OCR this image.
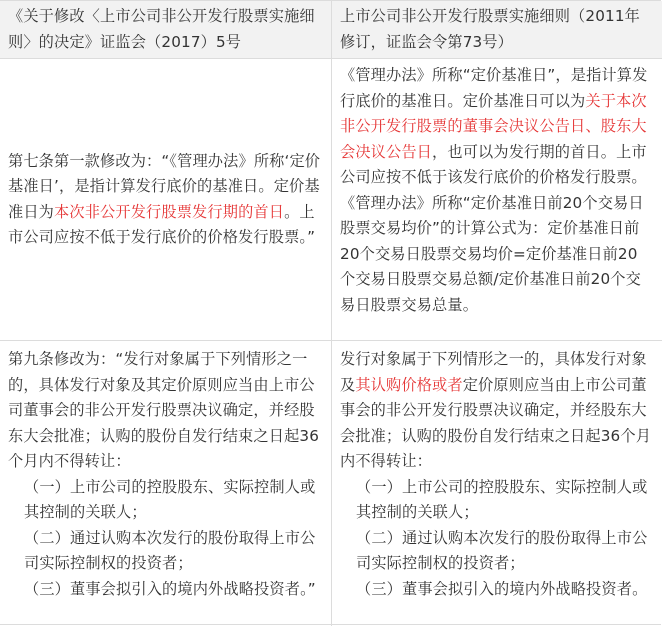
《关于修改〈上市公司非公开发行股票实施细则〉的决定》证监会（2017）5号

上市公司非公开发行股票实施细则（2011年修订，证监会令第73号）

第七条第一款修改为：“《管理办法》所称‘定价基准日’，是指计算发行底价的基准日。定价基准日为本次非公开发行股票发行期的首日。上市公司应按不低于发行底价的价格发行股票。”

《管理办法》所称“定价基准日”，是指计算发行底价的基准日。定价基准日可以为关于本次非公开发行股票的董事会决议公告日、股东大会决议公告日，也可以为发行期的首日。上市公司应按不低于该发行底价的价格发行股票。

《管理办法》所称“定价基准日前20个交易日股票交易均价”的计算公式为：定价基准日前20个交易日股票交易均价=定价基准日前20个交易日股票交易总额/定价基准日前20个交易日股票交易总量。

第九条修改为：“发行对象属于下列情形之一的，具体发行对象及其定价原则应当由上市公司董事会的非公开发行股票决议确定，并经股东大会批准；认购的股份自发行结束之日起36个月内不得转让：

（一）上市公司的控股股东、实际控制人或其控制的关联人；

（二）通过认购本次发行的股份取得上市公司实际控制权的投资者；

（三）董事会拟引入的境内外战略投资者。”

发行对象属于下列情形之一的，具体发行对象及其认购价格或者定价原则应当由上市公司董事会的非公开发行股票决议确定，并经股东大会批准；认购的股份自发行结束之日起36个月内不得转让：

（一）上市公司的控股股东、实际控制人或其控制的关联人；

（二）通过认购本次发行的股份取得上市公司实际控制权的投资者；

（三）董事会拟引入的境内外战略投资者。
